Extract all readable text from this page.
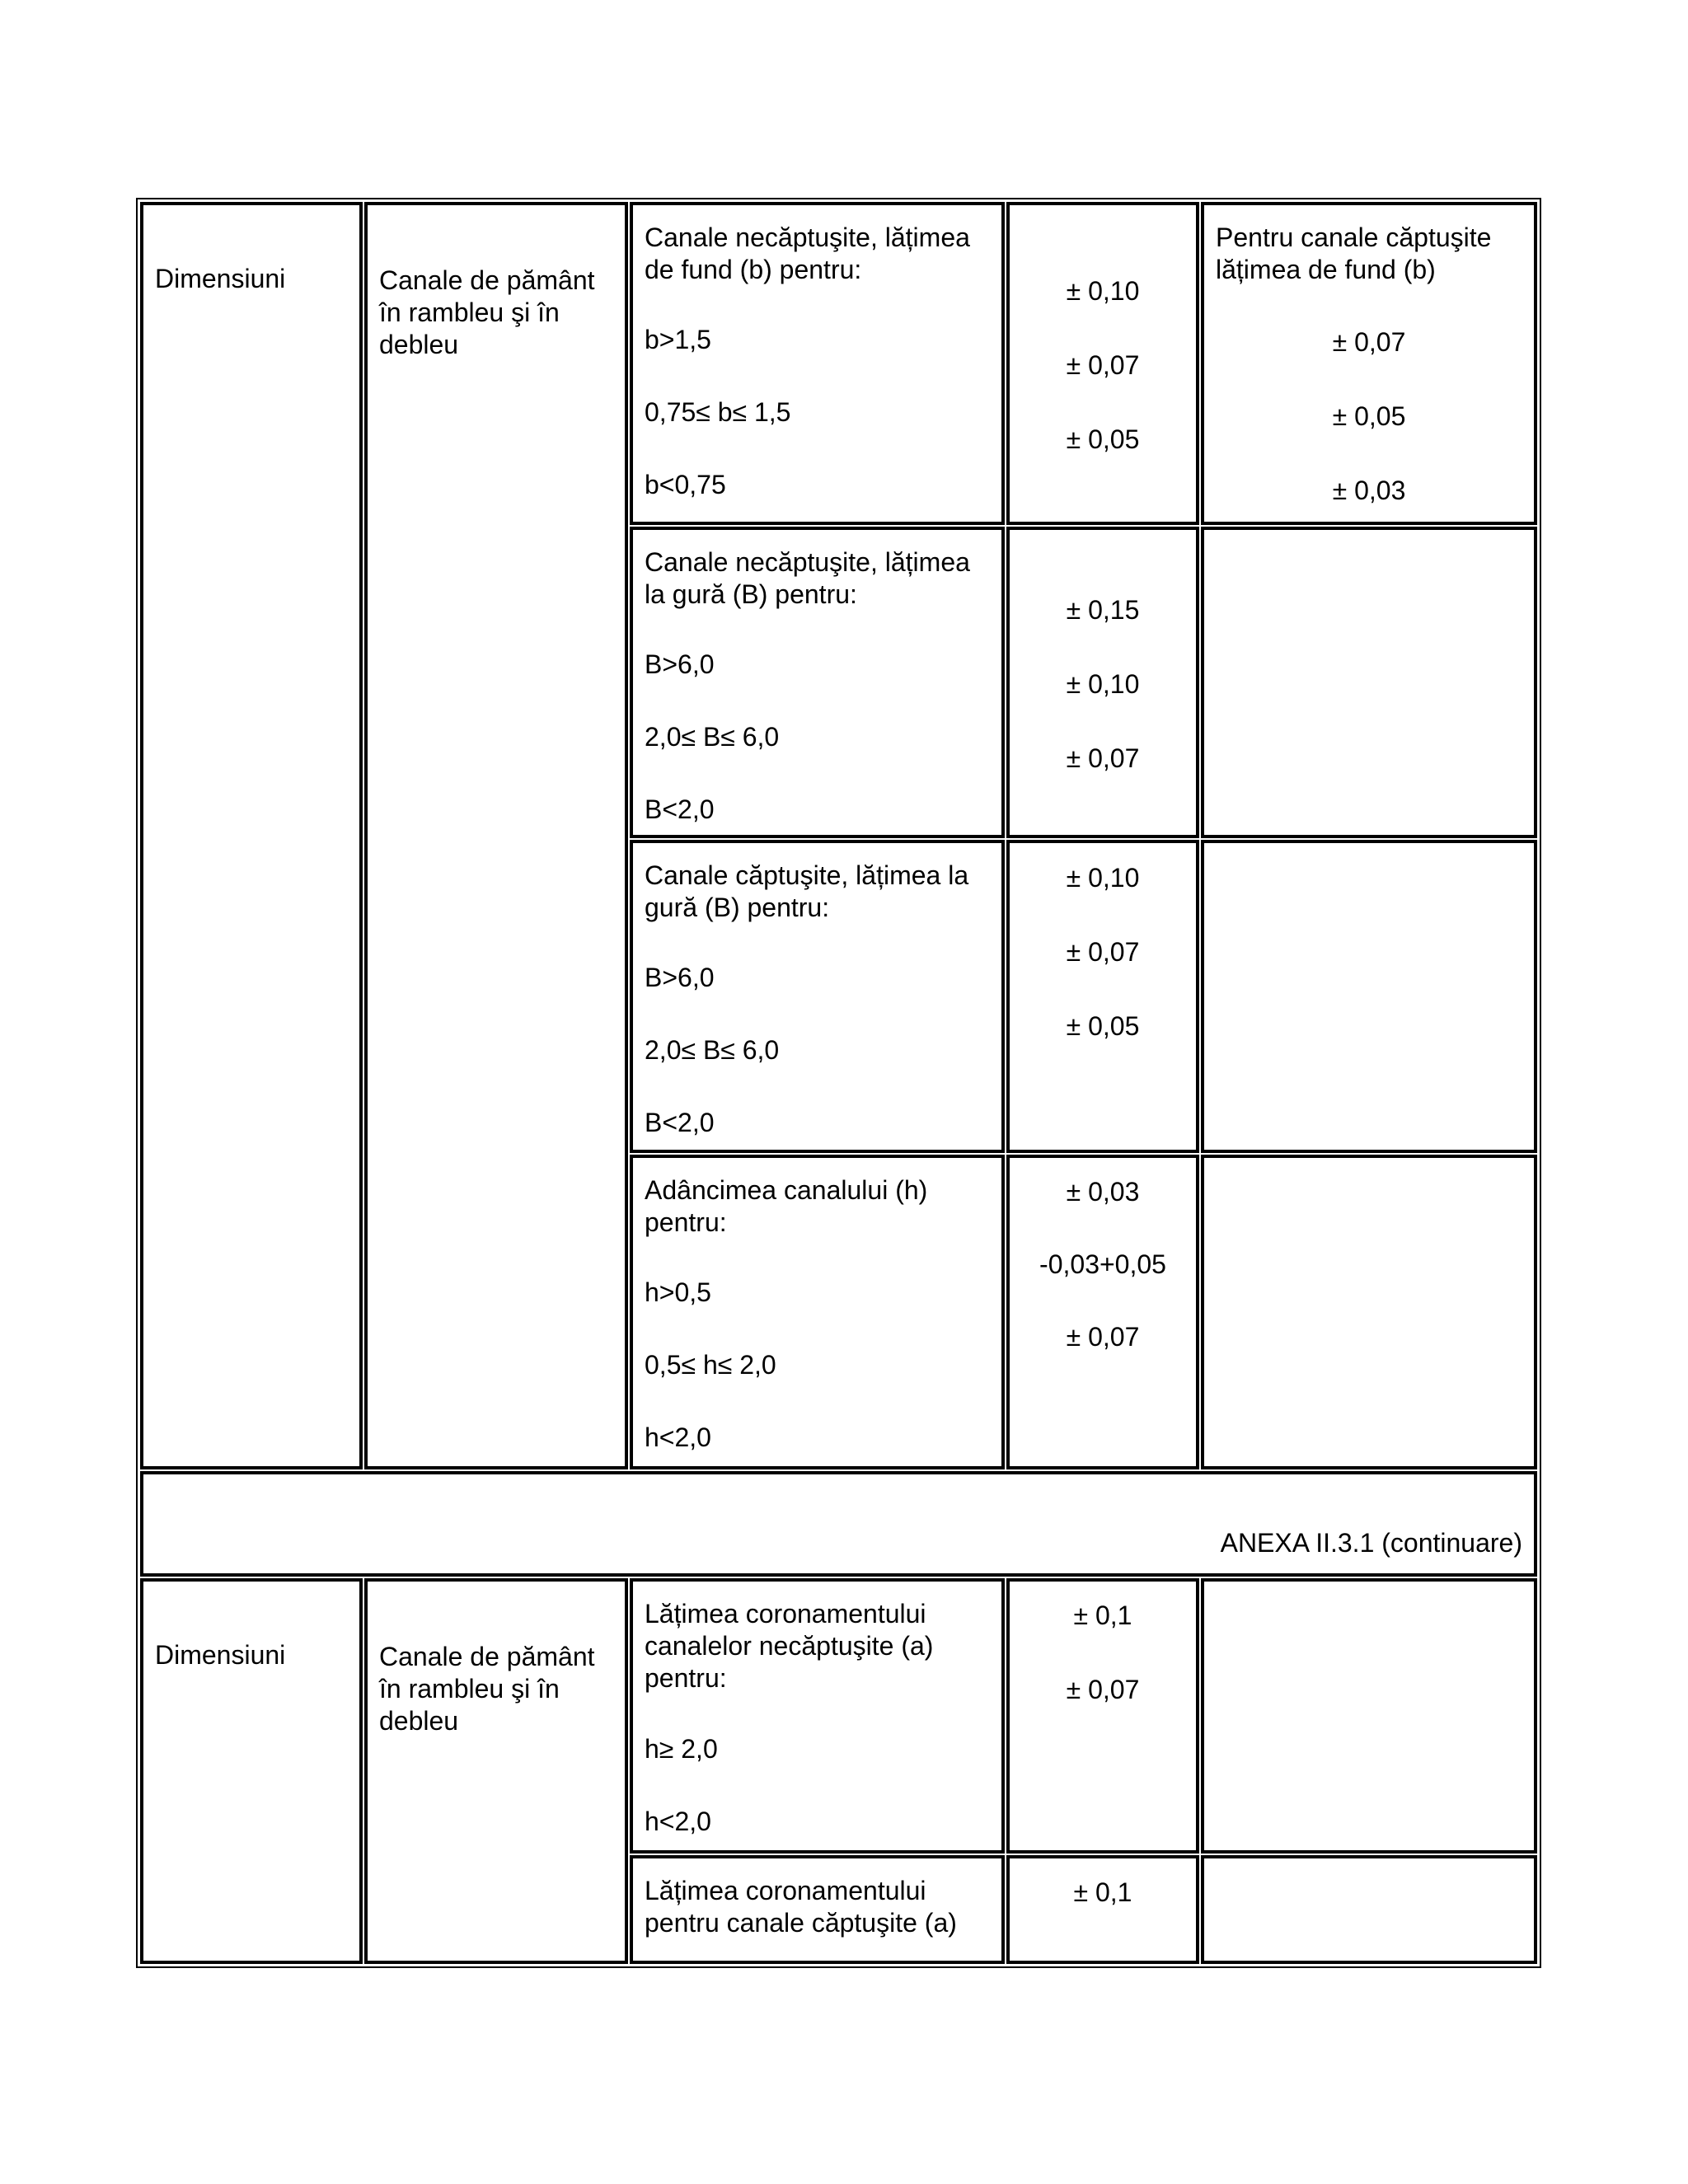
Dimensiuni	Canale de pământ
în rambleu şi în
debleu
Canale necăptuşite, lățimea
de fund (b) pentru:
b>1,5
0,75≤ b≤ 1,5
b<0,75
± 0,10
± 0,07
± 0,05
Pentru canale căptuşite
lățimea de fund (b)
± 0,07
± 0,05
± 0,03
Canale necăptuşite, lățimea
la gură (B) pentru:
B>6,0
2,0≤ B≤ 6,0
B<2,0
± 0,15
± 0,10
± 0,07
Canale căptuşite, lățimea la
gură (B) pentru:
B>6,0
2,0≤ B≤ 6,0
B<2,0
± 0,10
± 0,07
± 0,05
Adâncimea canalului (h)
pentru:
h>0,5
0,5≤ h≤ 2,0
h<2,0
± 0,03
-0,03+0,05
± 0,07
ANEXA II.3.1 (continuare)
Dimensiuni	Canale de pământ
în rambleu şi în
debleu
Lățimea coronamentului
canalelor necăptuşite (a)
pentru:
h≥ 2,0
h<2,0
± 0,1
± 0,07
Lățimea coronamentului
pentru canale căptuşite (a)
± 0,1
